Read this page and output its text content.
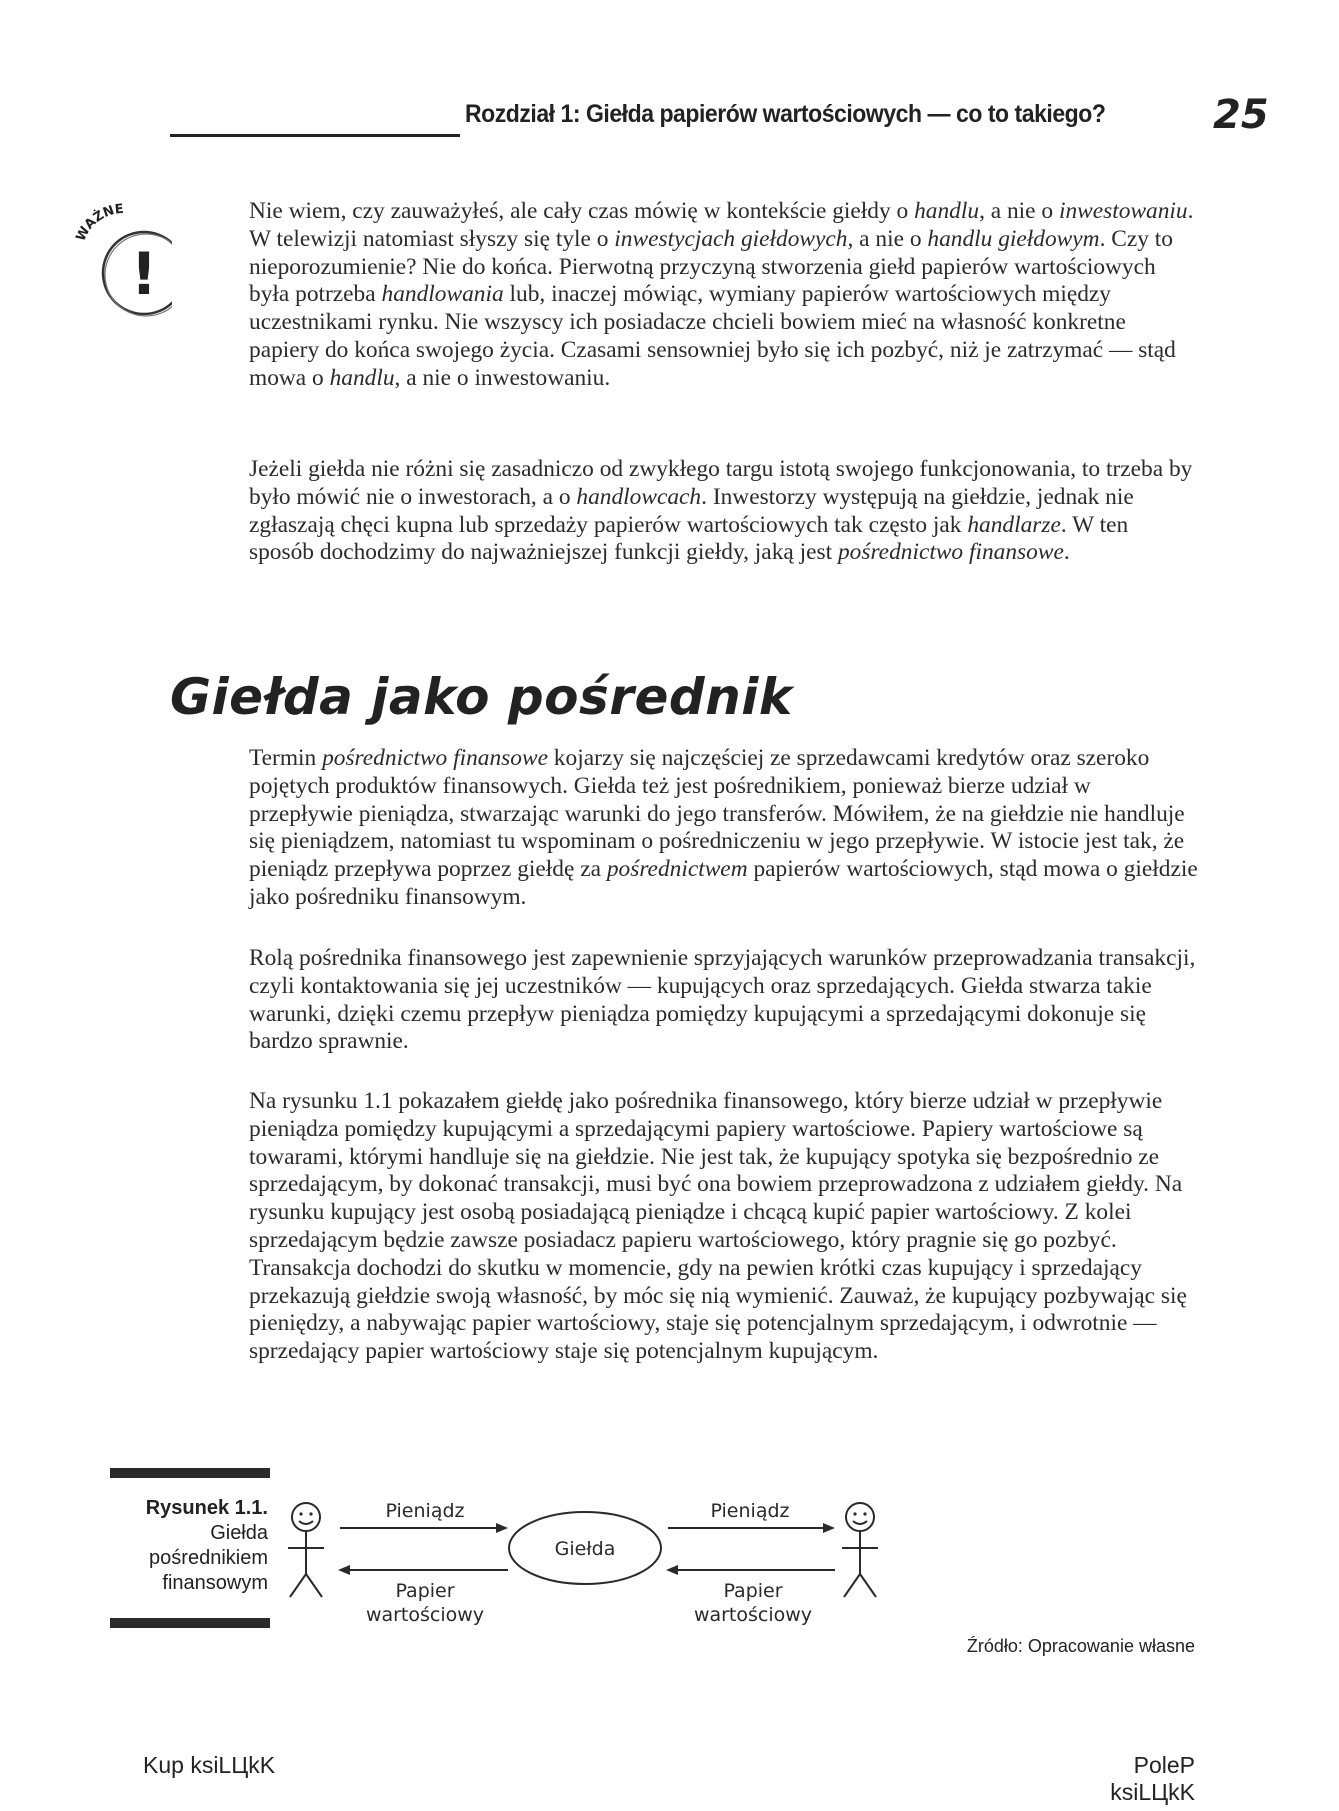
Rozdział 1: Giełda papierów wartościowych — co to takiego?	25
WAŻNE
!

Nie wiem, czy zauważyłeś, ale cały czas mówię w kontekście giełdy o handlu, a nie o inwestowaniu. W telewizji natomiast słyszy się tyle o inwestycjach giełdowych, a nie o handlu giełdowym. Czy to nieporozumienie? Nie do końca. Pierwotną przyczyną stworzenia giełd papierów wartościowych była potrzeba handlowania lub, inaczej mówiąc, wymiany papierów wartościowych między uczestnikami rynku. Nie wszyscy ich posiadacze chcieli bowiem mieć na własność konkretne papiery do końca swojego życia. Czasami sensowniej było się ich pozbyć, niż je zatrzymać — stąd mowa o handlu, a nie o inwestowaniu.

Jeżeli giełda nie różni się zasadniczo od zwykłego targu istotą swojego funkcjonowania, to trzeba by było mówić nie o inwestorach, a o handlowcach. Inwestorzy występują na giełdzie, jednak nie zgłaszają chęci kupna lub sprzedaży papierów wartościowych tak często jak handlarze. W ten sposób dochodzimy do najważniejszej funkcji giełdy, jaką jest pośrednictwo finansowe.

Giełda jako pośrednik

Termin pośrednictwo finansowe kojarzy się najczęściej ze sprzedawcami kredytów oraz szeroko pojętych produktów finansowych. Giełda też jest pośrednikiem, ponieważ bierze udział w przepływie pieniądza, stwarzając warunki do jego transferów. Mówiłem, że na giełdzie nie handluje się pieniądzem, natomiast tu wspominam o pośredniczeniu w jego przepływie. W istocie jest tak, że pieniądz przepływa poprzez giełdę za pośrednictwem papierów wartościowych, stąd mowa o giełdzie jako pośredniku finansowym.

Rolą pośrednika finansowego jest zapewnienie sprzyjających warunków przeprowadzania transakcji, czyli kontaktowania się jej uczestników — kupujących oraz sprzedających. Giełda stwarza takie warunki, dzięki czemu przepływ pieniądza pomiędzy kupującymi a sprzedającymi dokonuje się bardzo sprawnie.

Na rysunku 1.1 pokazałem giełdę jako pośrednika finansowego, który bierze udział w przepływie pieniądza pomiędzy kupującymi a sprzedającymi papiery wartościowe. Papiery wartościowe są towarami, którymi handluje się na giełdzie. Nie jest tak, że kupujący spotyka się bezpośrednio ze sprzedającym, by dokonać transakcji, musi być ona bowiem przeprowadzona z udziałem giełdy. Na rysunku kupujący jest osobą posiadającą pieniądze i chcącą kupić papier wartościowy. Z kolei sprzedającym będzie zawsze posiadacz papieru wartościowego, który pragnie się go pozbyć. Transakcja dochodzi do skutku w momencie, gdy na pewien krótki czas kupujący i sprzedający przekazują giełdzie swoją własność, by móc się nią wymienić. Zauważ, że kupujący pozbywając się pieniędzy, a nabywając papier wartościowy, staje się potencjalnym sprzedającym, i odwrotnie — sprzedający papier wartościowy staje się potencjalnym kupującym.

Rysunek 1.1.
Giełda
pośrednikiem
finansowym
Giełda
Pieniądz	Pieniądz
Papier
wartościowy
Papier
wartościowy
Źródło: Opracowanie własne
Kup ksiLЦkK	PoleP ksiLЦkK
